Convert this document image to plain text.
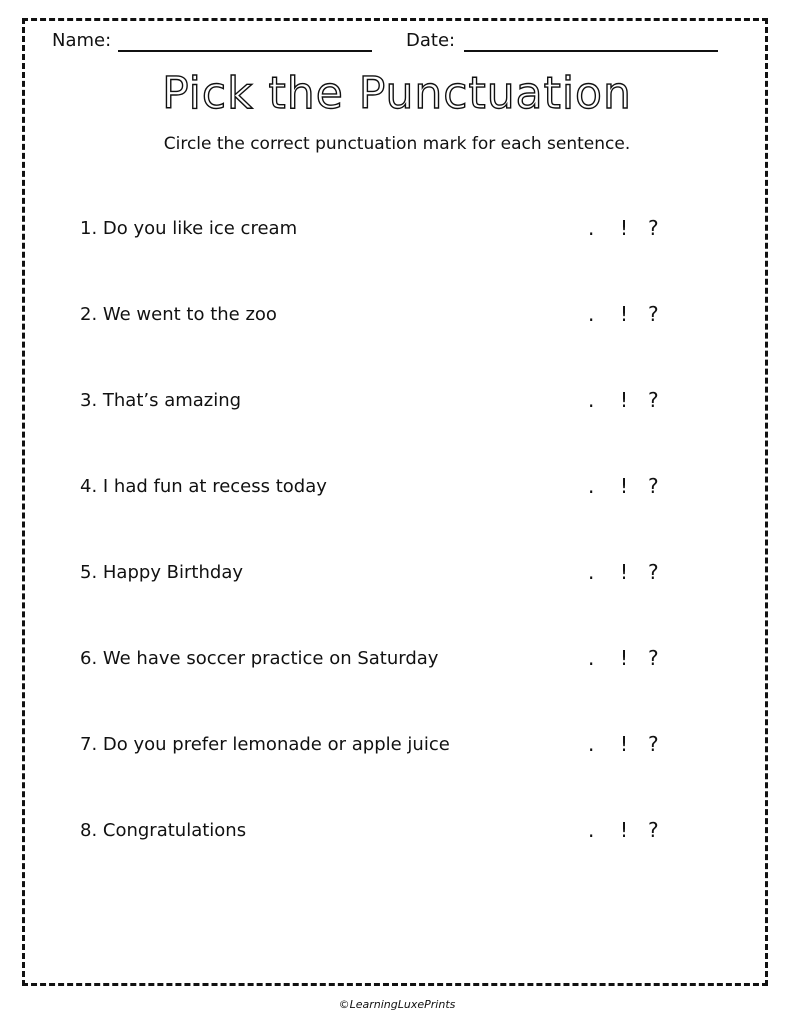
Name:	Date:
Pick the Punctuation
Circle the correct punctuation mark for each sentence.
1. Do you like ice cream	. ! ?
2. We went to the zoo	. ! ?
3. That’s amazing	. ! ?
4. I had fun at recess today	. ! ?
5. Happy Birthday	. ! ?
6. We have soccer practice on Saturday	. ! ?
7. Do you prefer lemonade or apple juice	. ! ?
8. Congratulations	. ! ?
©LearningLuxePrints
